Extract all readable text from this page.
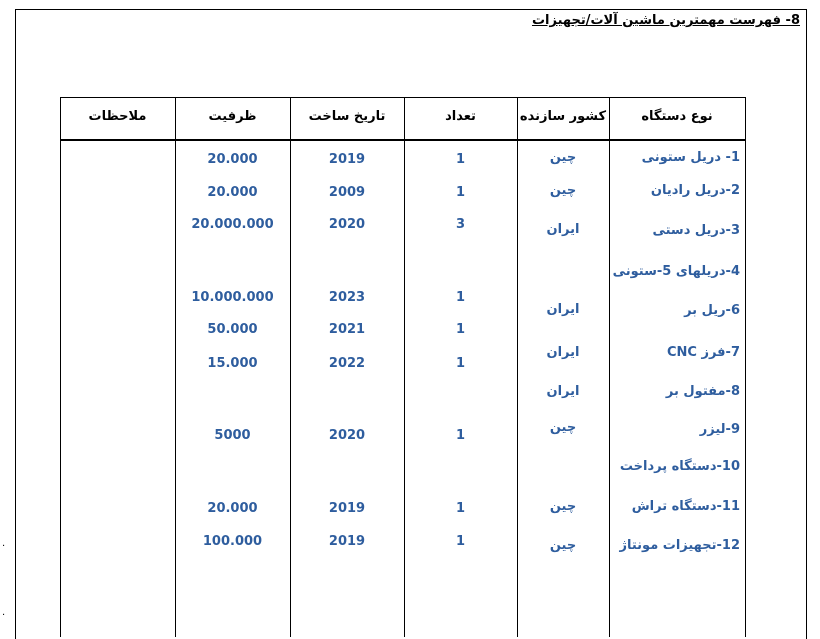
8- فهرست مهمترین ماشین آلات/تجهیزات
·
·
نوع دستگاه
کشور سازنده
تعداد
تاریخ ساخت
ظرفیت
ملاحظات
1- دریل ستونی
چین
1
2019
20.000
2-دریل رادیان
چین
1
2009
20.000
3-دریل دستی
ایران
3
2020
20.000.000
4-دریلهای 5-ستونی
1
2023
10.000.000
6-ریل بر
ایران
1
2021
50.000
7-فرز CNC
ایران
1
2022
15.000
8-مفتول بر
ایران
9-لیزر
چین
1
2020
5000
10-دستگاه پرداخت
11-دستگاه تراش
چین
1
2019
20.000
12-تجهیزات مونتاژ
چین
1
2019
100.000
